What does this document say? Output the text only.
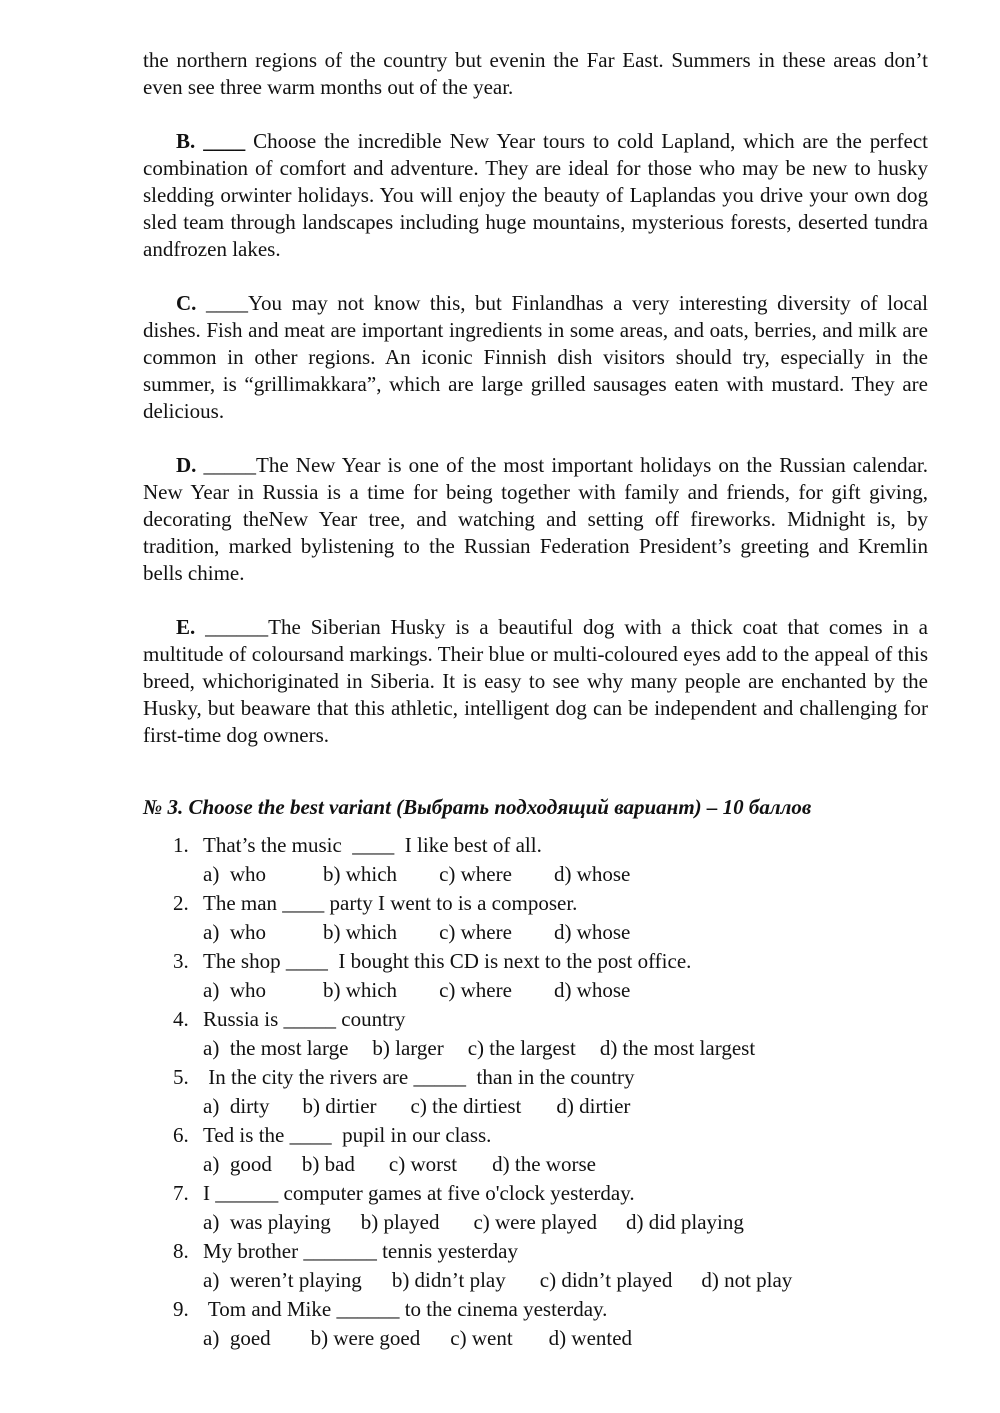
the northern regions of the country but evenin the Far East. Summers in these areas don’t even see three warm months out of the year.

B. ____ Choose the incredible New Year tours to cold Lapland, which are the perfect combination of comfort and adventure. They are ideal for those who may be new to husky sledding orwinter holidays. You will enjoy the beauty of Laplandas you drive your own dog sled team through landscapes including huge mountains, mysterious forests, deserted tundra andfrozen lakes.

C. ____You may not know this, but Finlandhas a very interesting diversity of local dishes. Fish and meat are important ingredients in some areas, and oats, berries, and milk are common in other regions. An iconic Finnish dish visitors should try, especially in the summer, is “grillimakkara”, which are large grilled sausages eaten with mustard. They are delicious.

D. _____The New Year is one of the most important holidays on the Russian calendar. New Year in Russia is a time for being together with family and friends, for gift giving, decorating theNew Year tree, and watching and setting off fireworks. Midnight is, by tradition, marked bylistening to the Russian Federation President’s greeting and Kremlin bells chime.

E. ______The Siberian Husky is a beautiful dog with a thick coat that comes in a multitude of coloursand markings. Their blue or multi-coloured eyes add to the appeal of this breed, whichoriginated in Siberia. It is easy to see why many people are enchanted by the Husky, but beaware that this athletic, intelligent dog can be independent and challenging for first-time dog owners.

№ 3. Choose the best variant (Выбрать подходящий вариант) – 10 баллов
1. That’s the music  ____  I like best of all.
a)  who	b) which c) where d) whose
2. The man ____ party I went to is a composer.
a)  who	b) which c) where d) whose
3. The shop ____  I bought this CD is next to the post office.
a)  who	b) which c) where d) whose
4. Russia is _____ country
a)  the most large b) larger c) the largest d) the most largest
5. In the city the rivers are _____  than in the country
a)  dirty b) dirtier c) the dirtiest d) dirtier
6. Ted is the ____  pupil in our class.
a)  good b) bad c) worst d) the worse
7. I ______ computer games at five o'clock yesterday.
a)  was playing b) played c) were played d) did playing
8. My brother _______ tennis yesterday
a)  weren’t playing b) didn’t play c) didn’t played d) not play
9. Tom and Mike ______ to the cinema yesterday.
a)  goed b) were goed c) went d) wented
